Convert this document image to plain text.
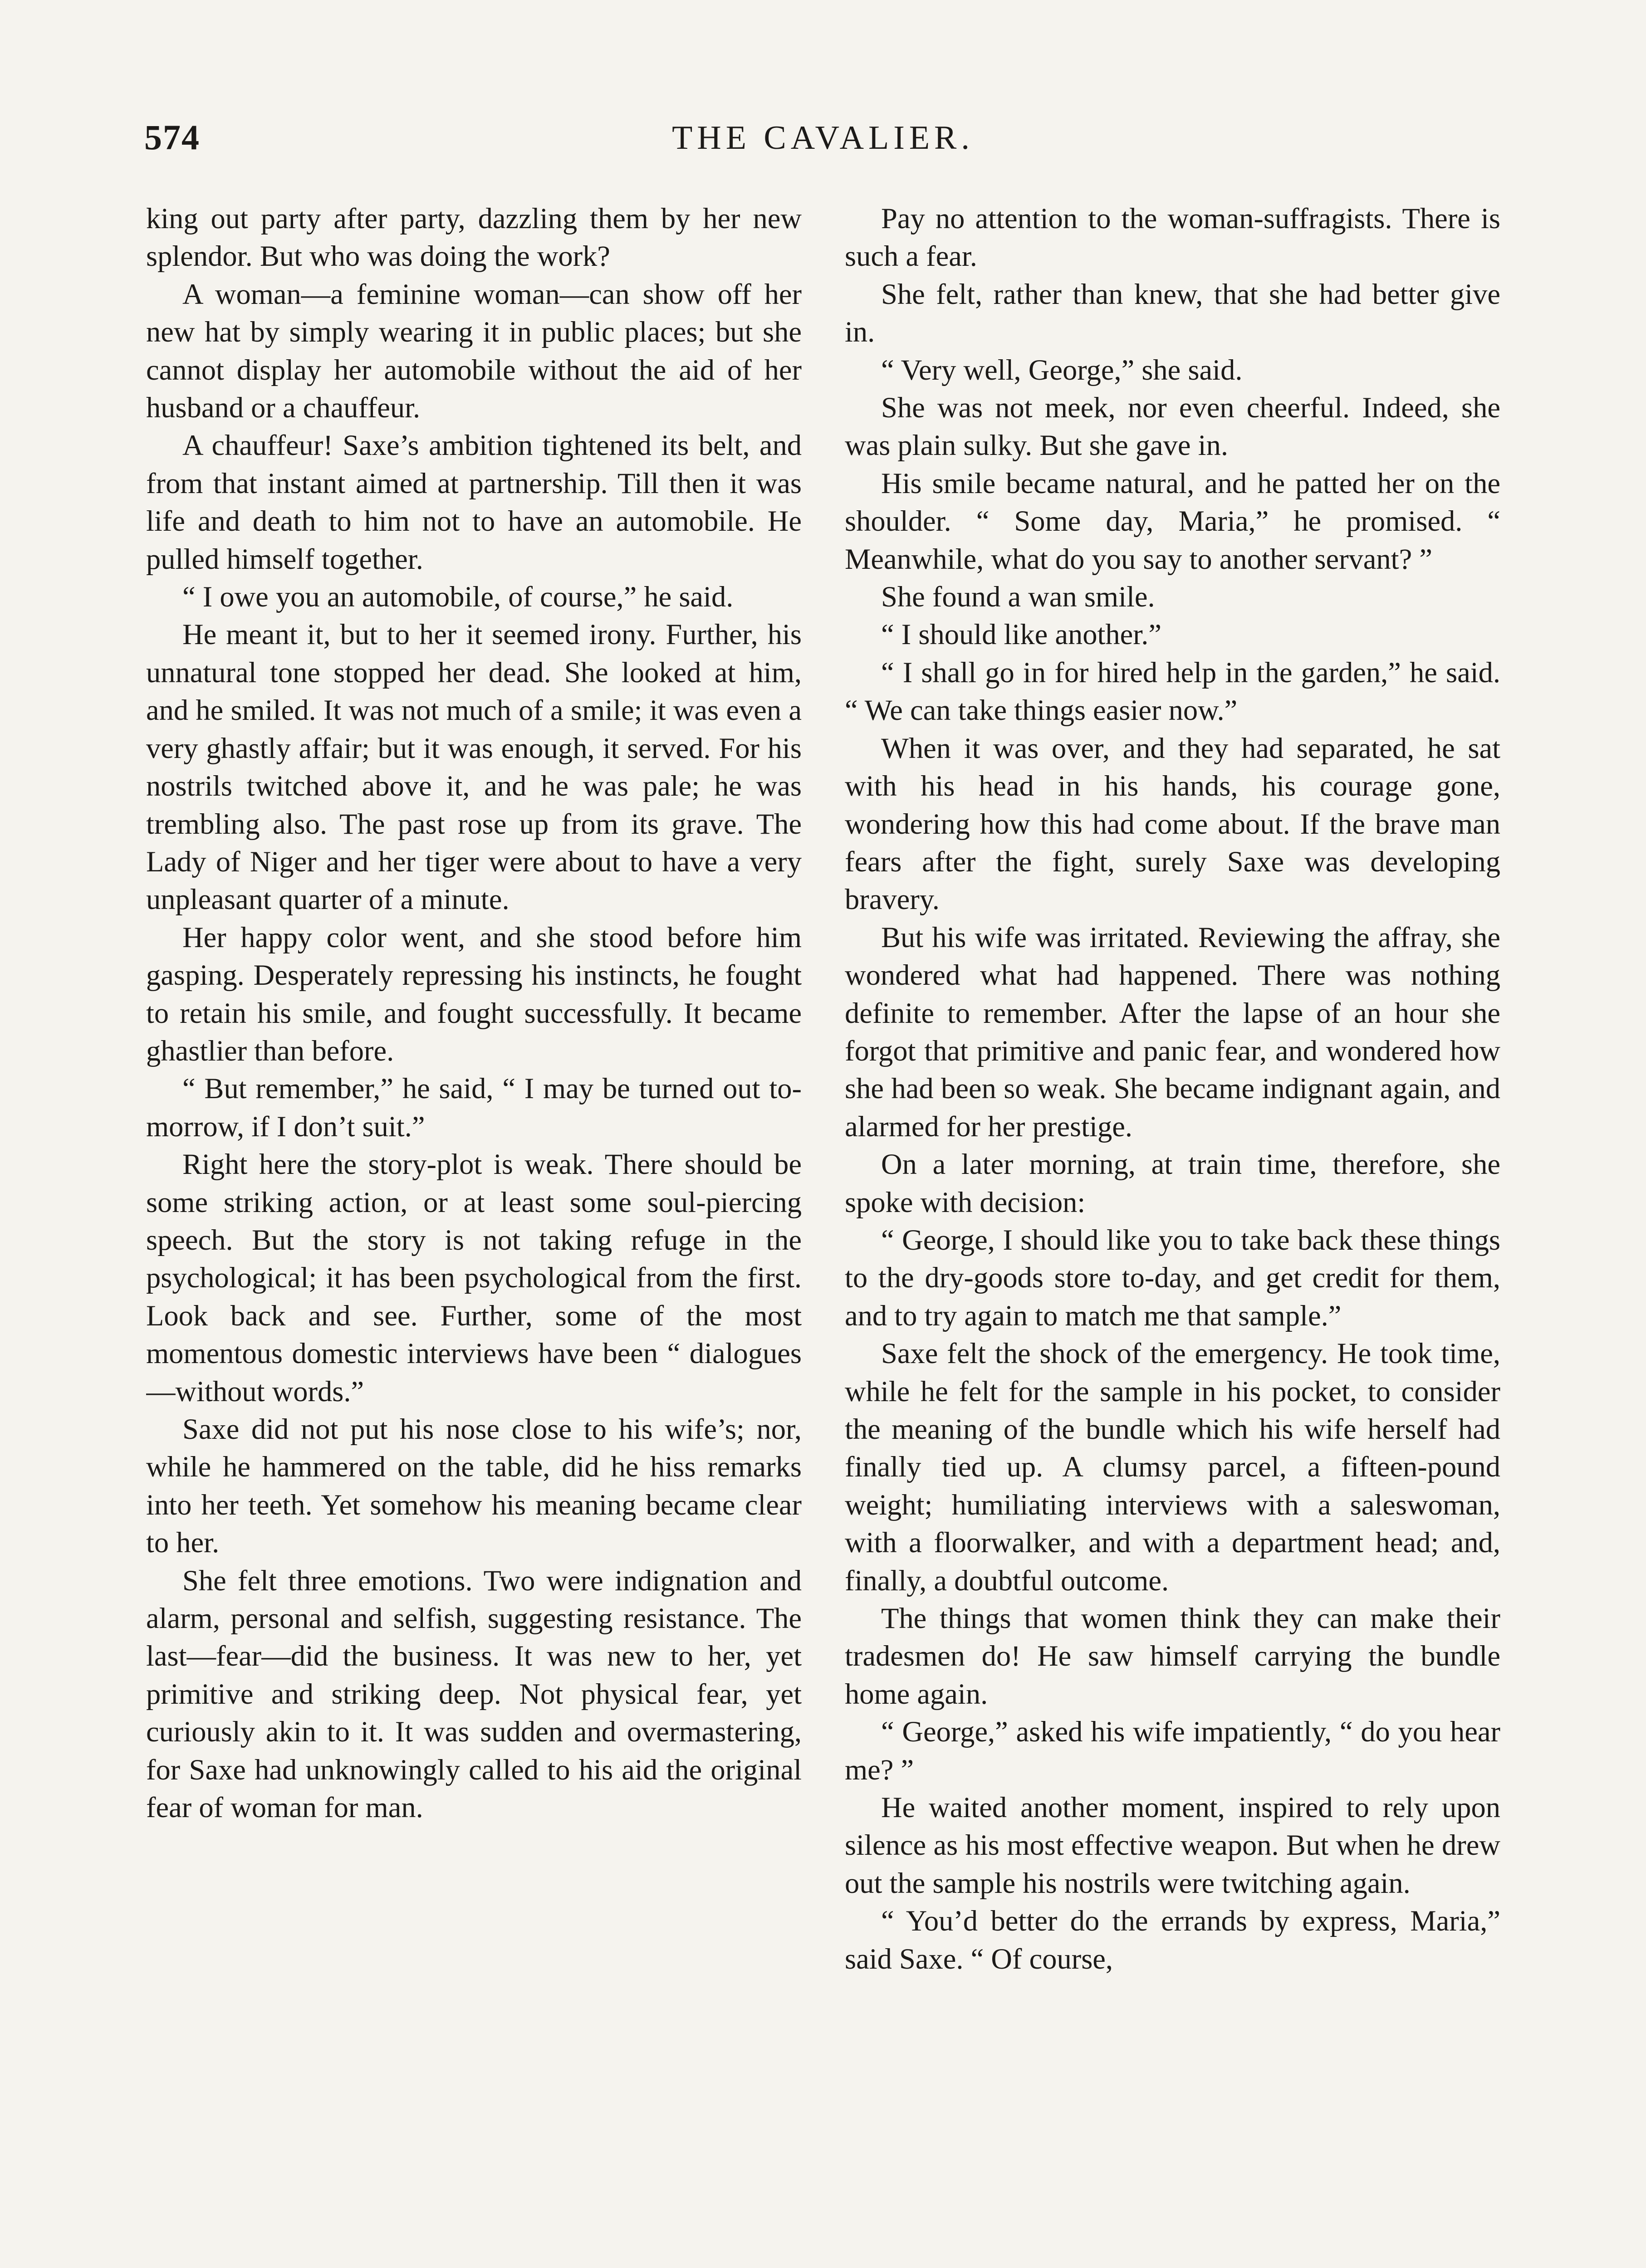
574	THE CAVALIER.

king out party after party, dazzling them by her new splendor. But who was doing the work?

A woman—a feminine woman—can show off her new hat by simply wearing it in public places; but she cannot display her automobile without the aid of her husband or a chauffeur.

A chauffeur! Saxe’s ambition tightened its belt, and from that instant aimed at partnership. Till then it was life and death to him not to have an automobile. He pulled himself together.

“ I owe you an automobile, of course,” he said.

He meant it, but to her it seemed irony. Further, his unnatural tone stopped her dead. She looked at him, and he smiled. It was not much of a smile; it was even a very ghastly affair; but it was enough, it served. For his nostrils twitched above it, and he was pale; he was trembling also. The past rose up from its grave. The Lady of Niger and her tiger were about to have a very unpleasant quarter of a minute.

Her happy color went, and she stood before him gasping. Desperately repressing his instincts, he fought to retain his smile, and fought successfully. It became ghastlier than before.

“ But remember,” he said, “ I may be turned out to-morrow, if I don’t suit.”

Right here the story-plot is weak. There should be some striking action, or at least some soul-piercing speech. But the story is not taking refuge in the psychological; it has been psychological from the first. Look back and see. Further, some of the most momentous domestic interviews have been “ dialogues —without words.”

Saxe did not put his nose close to his wife’s; nor, while he hammered on the table, did he hiss remarks into her teeth. Yet somehow his meaning became clear to her.

She felt three emotions. Two were indignation and alarm, personal and selfish, suggesting resistance. The last—fear—did the business. It was new to her, yet primitive and striking deep. Not physical fear, yet curiously akin to it. It was sudden and overmastering, for Saxe had unknowingly called to his aid the original fear of woman for man.

Pay no attention to the woman-suffragists. There is such a fear.

She felt, rather than knew, that she had better give in.

“ Very well, George,” she said.

She was not meek, nor even cheerful. Indeed, she was plain sulky. But she gave in.

His smile became natural, and he patted her on the shoulder. “ Some day, Maria,” he promised. “ Meanwhile, what do you say to another servant? ”

She found a wan smile.

“ I should like another.”

“ I shall go in for hired help in the garden,” he said. “ We can take things easier now.”

When it was over, and they had separated, he sat with his head in his hands, his courage gone, wondering how this had come about. If the brave man fears after the fight, surely Saxe was developing bravery.

But his wife was irritated. Reviewing the affray, she wondered what had happened. There was nothing definite to remember. After the lapse of an hour she forgot that primitive and panic fear, and wondered how she had been so weak. She became indignant again, and alarmed for her prestige.

On a later morning, at train time, therefore, she spoke with decision:

“ George, I should like you to take back these things to the dry-goods store to-day, and get credit for them, and to try again to match me that sample.”

Saxe felt the shock of the emergency. He took time, while he felt for the sample in his pocket, to consider the meaning of the bundle which his wife herself had finally tied up. A clumsy parcel, a fifteen-pound weight; humiliating interviews with a saleswoman, with a floorwalker, and with a department head; and, finally, a doubtful outcome.

The things that women think they can make their tradesmen do! He saw himself carrying the bundle home again.

“ George,” asked his wife impatiently, “ do you hear me? ”

He waited another moment, inspired to rely upon silence as his most effective weapon. But when he drew out the sample his nostrils were twitching again.

“ You’d better do the errands by express, Maria,” said Saxe. “ Of course,
